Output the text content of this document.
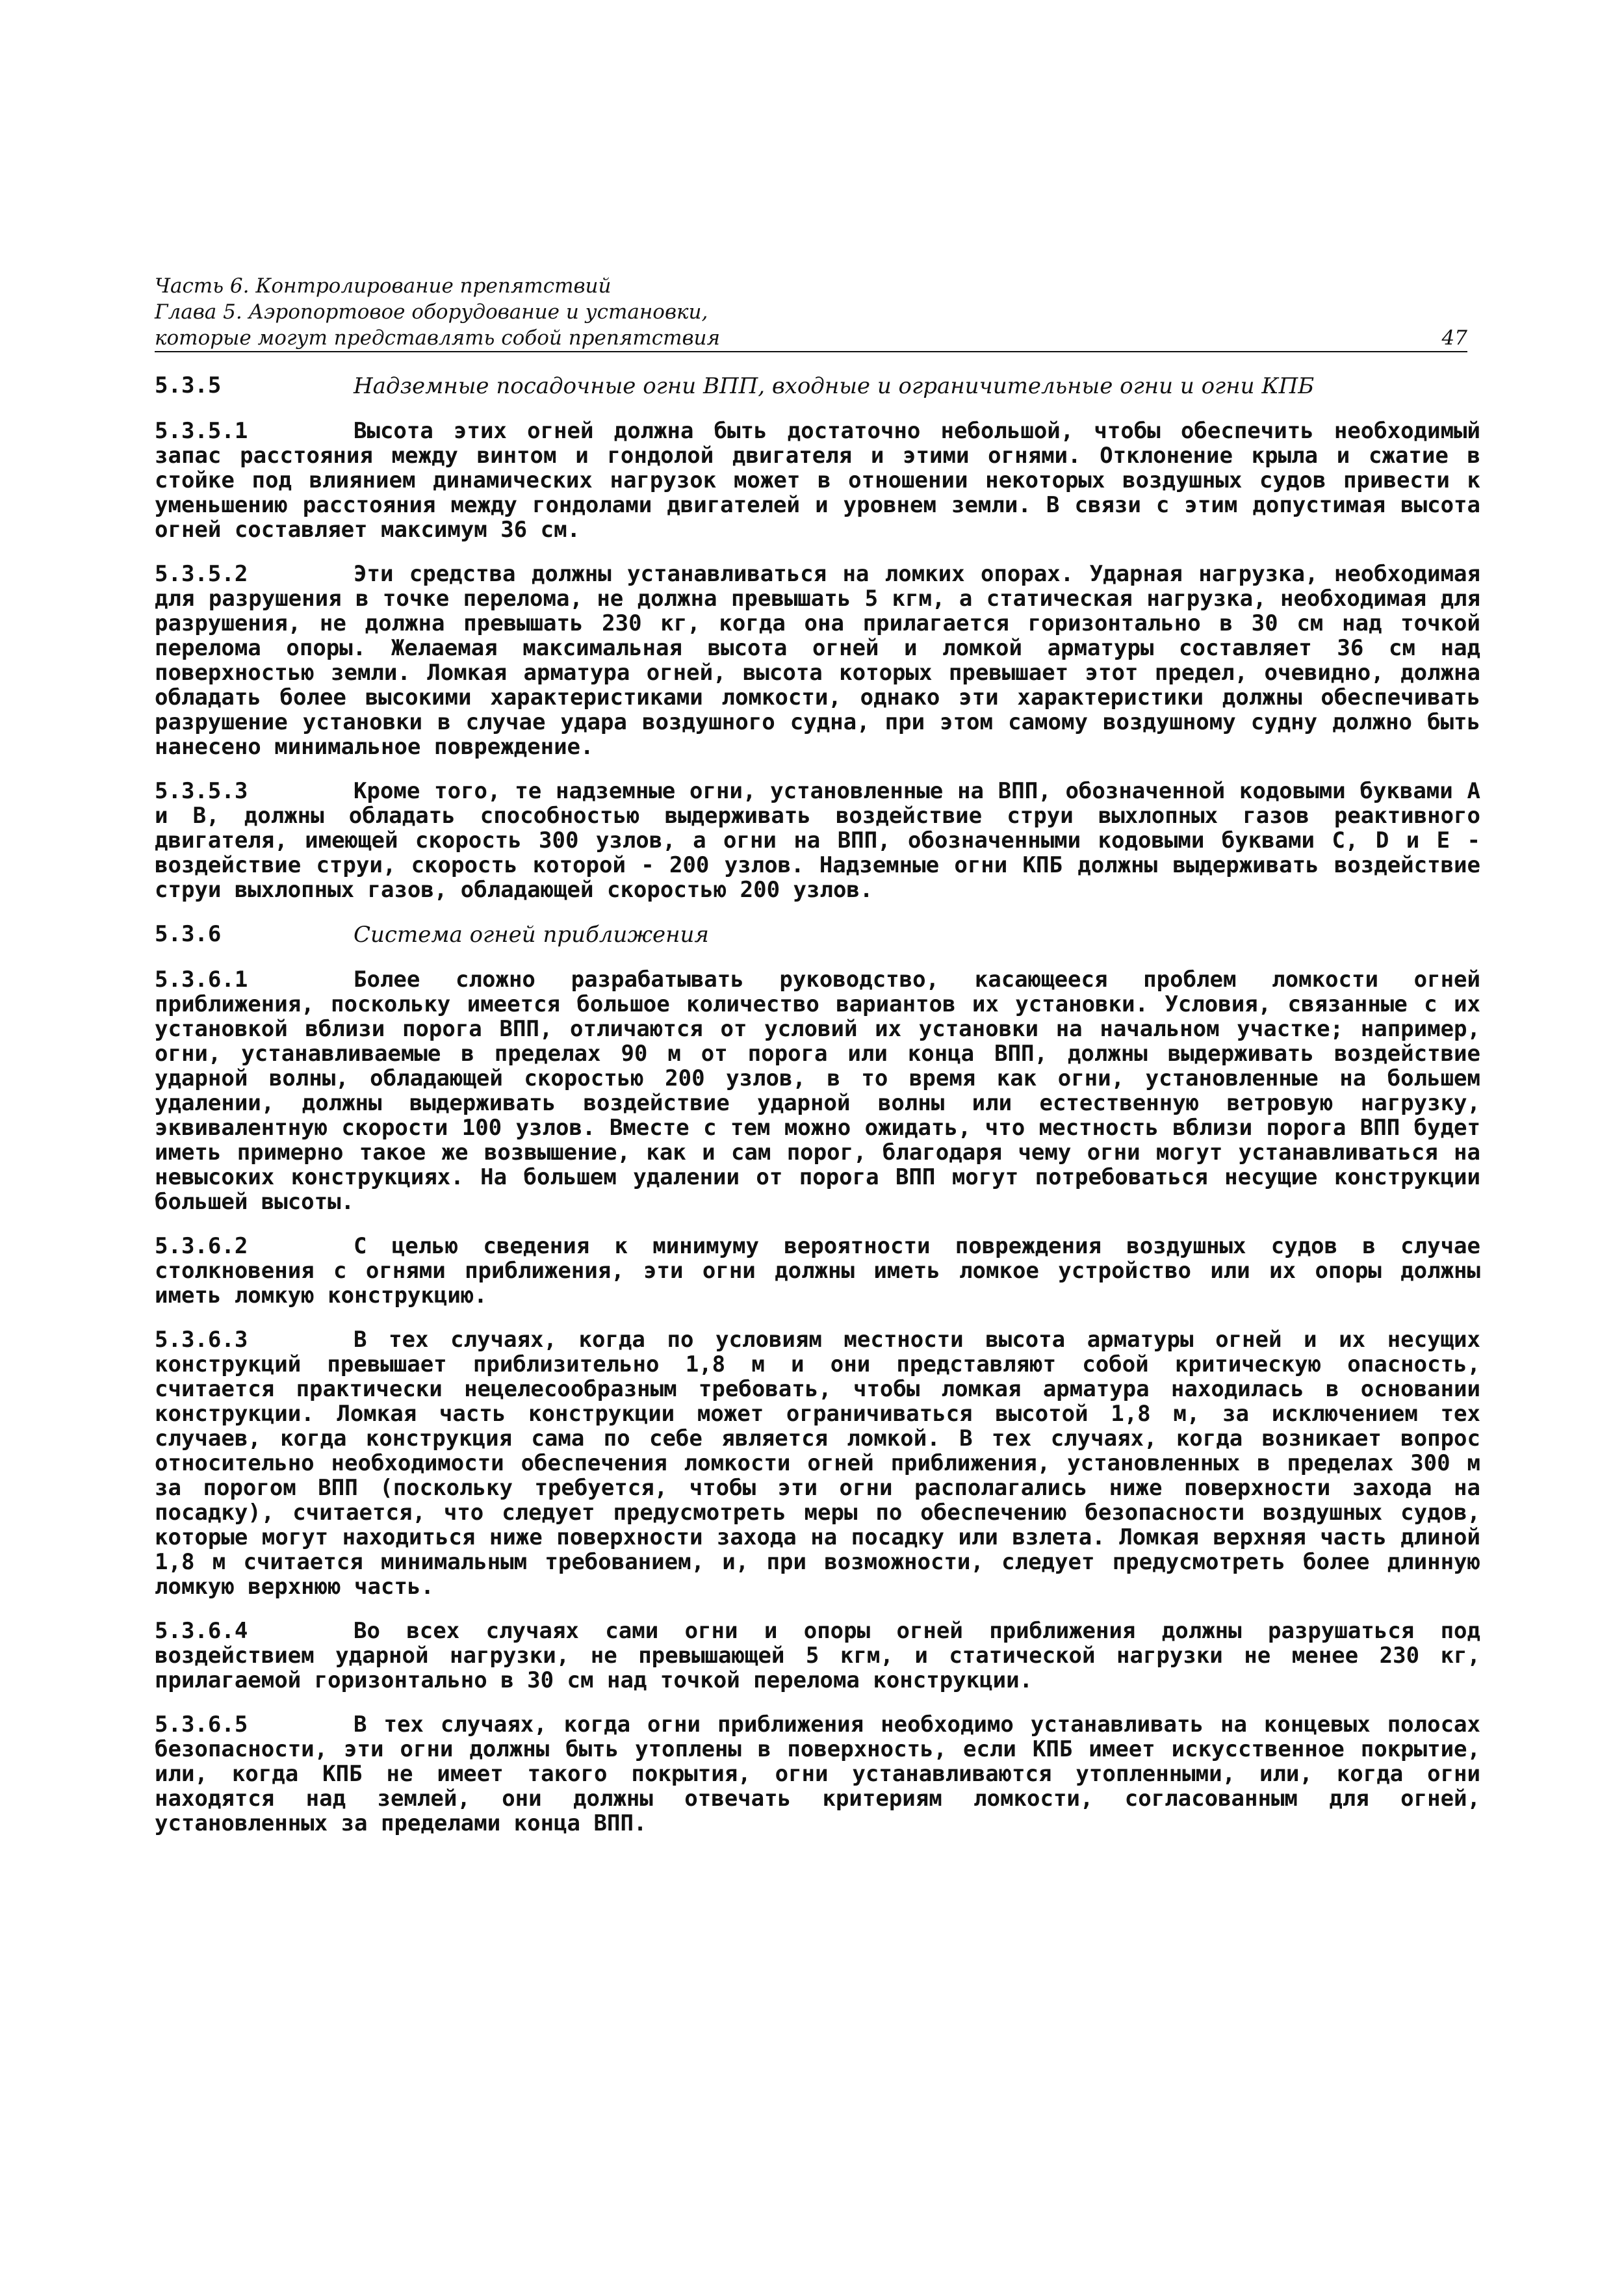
Часть 6. Контролирование препятствий
Глава 5. Аэропортовое оборудование и установки,
которые могут представлять собой препятствия	47
5.3.5	Надземные посадочные огни ВПП, входные и ограничительные огни и огни КПБ
5.3.5.1	Высота этих огней должна быть достаточно небольшой, чтобы обеспечить необходимый запас расстояния между винтом и гондолой двигателя и этими огнями. Отклонение крыла и сжатие в стойке под влиянием динамических нагрузок может в отношении некоторых воздушных судов привести к уменьшению расстояния между гондолами двигателей и уровнем земли. В связи с этим допустимая высота огней составляет максимум 36 см.
5.3.5.2	Эти средства должны устанавливаться на ломких опорах. Ударная нагрузка, необходимая для разрушения в точке перелома, не должна превышать 5 кгм, а статическая нагрузка, необходимая для разрушения, не должна превышать 230 кг, когда она прилагается горизонтально в 30 см над точкой перелома опоры. Желаемая максимальная высота огней и ломкой арматуры составляет 36 см над поверхностью земли. Ломкая арматура огней, высота которых превышает этот предел, очевидно, должна обладать более высокими характеристиками ломкости, однако эти характеристики должны обеспечивать разрушение установки в случае удара воздушного судна, при этом самому воздушному судну должно быть нанесено минимальное повреждение.
5.3.5.3	Кроме того, те надземные огни, установленные на ВПП, обозначенной кодовыми буквами A и B, должны обладать способностью выдерживать воздействие струи выхлопных газов реактивного двигателя, имеющей скорость 300 узлов, а огни на ВПП, обозначенными кодовыми буквами C, D и E - воздействие струи, скорость которой - 200 узлов. Надземные огни КПБ должны выдерживать воздействие струи выхлопных газов, обладающей скоростью 200 узлов.
5.3.6	Система огней приближения
5.3.6.1	Более сложно разрабатывать руководство, касающееся проблем ломкости огней приближения, поскольку имеется большое количество вариантов их установки. Условия, связанные с их установкой вблизи порога ВПП, отличаются от условий их установки на начальном участке; например, огни, устанавливаемые в пределах 90 м от порога или конца ВПП, должны выдерживать воздействие ударной волны, обладающей скоростью 200 узлов, в то время как огни, установленные на большем удалении, должны выдерживать воздействие ударной волны или естественную ветровую нагрузку, эквивалентную скорости 100 узлов. Вместе с тем можно ожидать, что местность вблизи порога ВПП будет иметь примерно такое же возвышение, как и сам порог, благодаря чему огни могут устанавливаться на невысоких конструкциях. На большем удалении от порога ВПП могут потребоваться несущие конструкции большей высоты.
5.3.6.2	С целью сведения к минимуму вероятности повреждения воздушных судов в случае столкновения с огнями приближения, эти огни должны иметь ломкое устройство или их опоры должны иметь ломкую конструкцию.
5.3.6.3	В тех случаях, когда по условиям местности высота арматуры огней и их несущих конструкций превышает приблизительно 1,8 м и они представляют собой критическую опасность, считается практически нецелесообразным требовать, чтобы ломкая арматура находилась в основании конструкции. Ломкая часть конструкции может ограничиваться высотой 1,8 м, за исключением тех случаев, когда конструкция сама по себе является ломкой. В тех случаях, когда возникает вопрос относительно необходимости обеспечения ломкости огней приближения, установленных в пределах 300 м за порогом ВПП (поскольку требуется, чтобы эти огни располагались ниже поверхности захода на посадку), считается, что следует предусмотреть меры по обеспечению безопасности воздушных судов, которые могут находиться ниже поверхности захода на посадку или взлета. Ломкая верхняя часть длиной 1,8 м считается минимальным требованием, и, при возможности, следует предусмотреть более длинную ломкую верхнюю часть.
5.3.6.4	Во всех случаях сами огни и опоры огней приближения должны разрушаться под воздействием ударной нагрузки, не превышающей 5 кгм, и статической нагрузки не менее 230 кг, прилагаемой горизонтально в 30 см над точкой перелома конструкции.
5.3.6.5	В тех случаях, когда огни приближения необходимо устанавливать на концевых полосах безопасности, эти огни должны быть утоплены в поверхность, если КПБ имеет искусственное покрытие, или, когда КПБ не имеет такого покрытия, огни устанавливаются утопленными, или, когда огни находятся над землей, они должны отвечать критериям ломкости, согласованным для огней, установленных за пределами конца ВПП.
